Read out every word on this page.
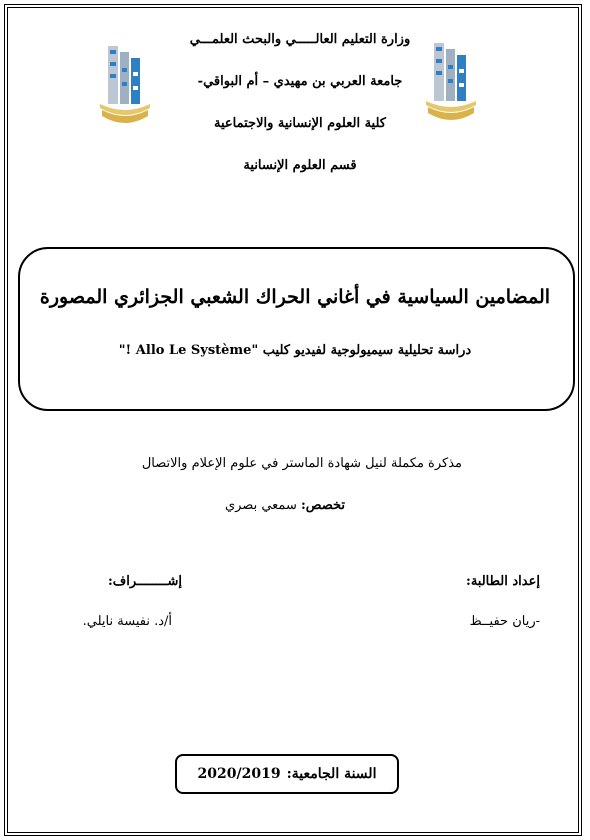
وزارة التعليم العالـــــي والبحث العلمـــي
جامعة العربي بن مهيدي – أم البواقي-
كلية العلوم الإنسانية والاجتماعية
قسم العلوم الإنسانية
المضامين السياسية في أغاني الحراك الشعبي الجزائري المصورة
دراسة تحليلية سيميولوجية لفيديو كليب "Allo Le Système !"
مذكرة مكملة لنيل شهادة الماستر في علوم الإعلام والاتصال
تخصص: سمعي بصري
إعداد الطالبة:
-ريان حفيــظ
إشــــــــراف:
أ/د. نفيسة نايلي.
السنة الجامعية:
2020/2019
